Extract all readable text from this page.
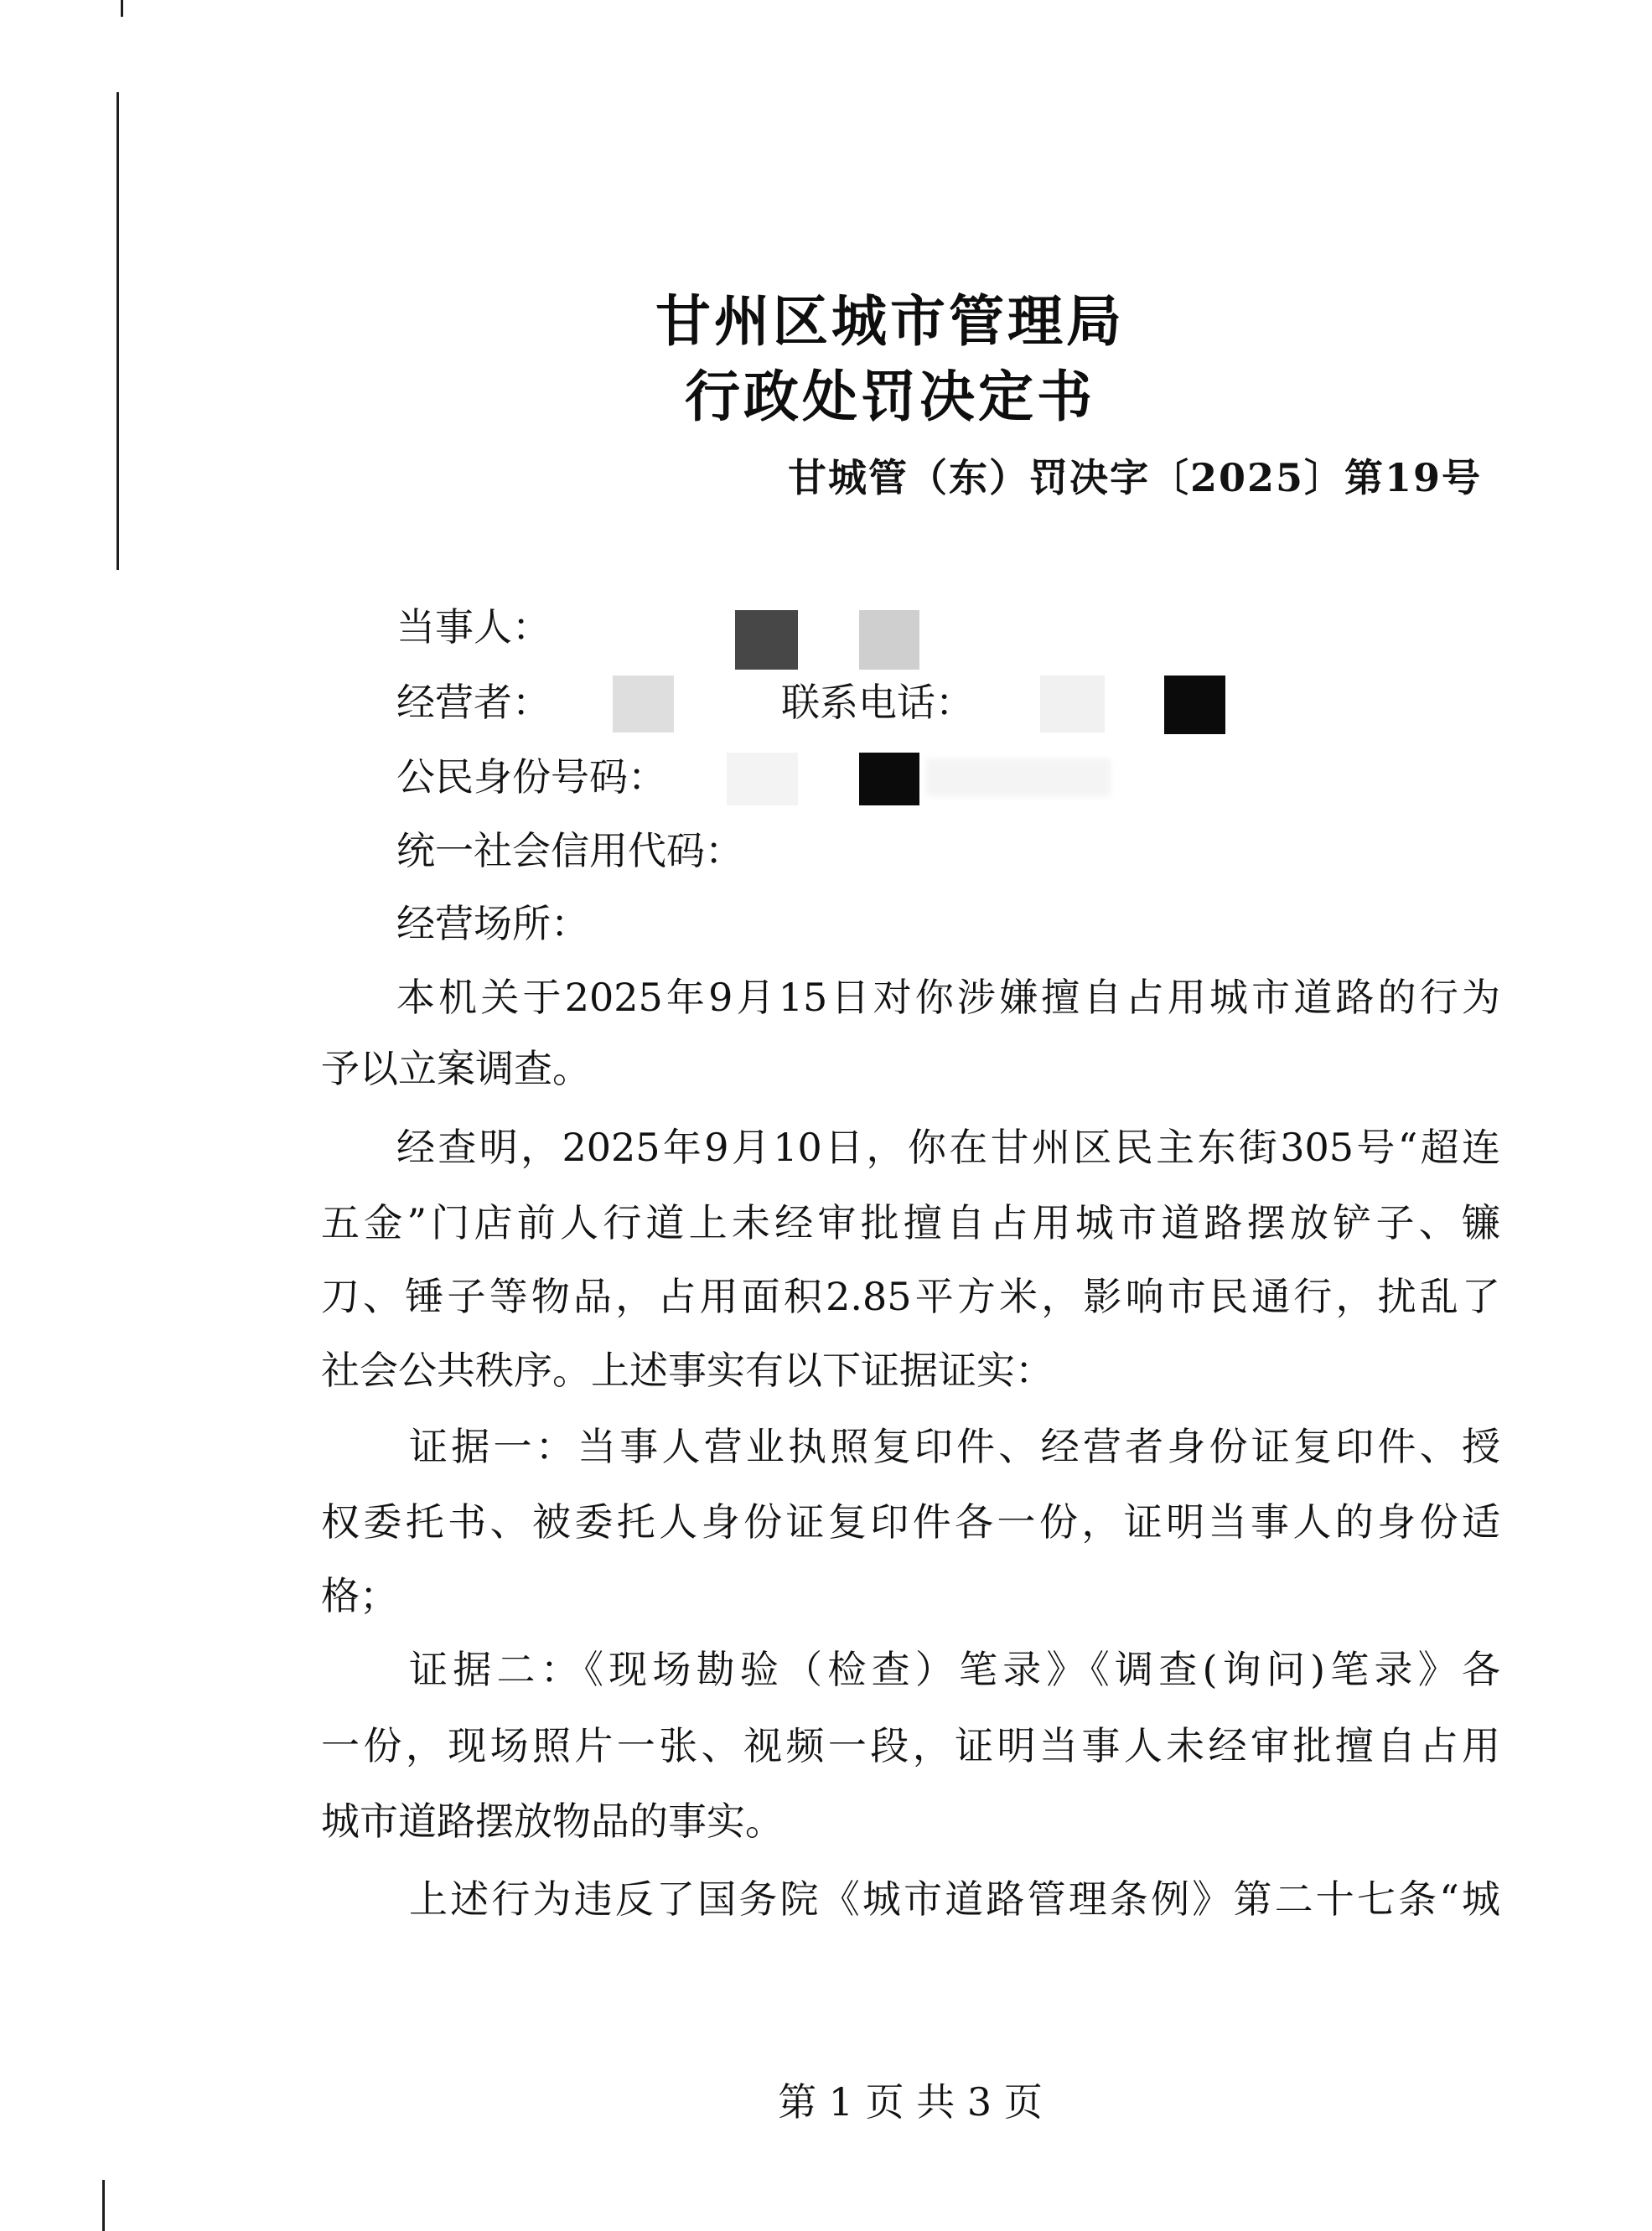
甘州区城市管理局
行政处罚决定书
甘城管（东）罚决字〔2025〕第19号
当事人：
经营者：	联系电话：
公民身份号码：
统一社会信用代码：
经营场所：
本机关于2025年9月15日对你涉嫌擅自占用城市道路的行为
予以立案调查。
经查明，2025年9月10日，你在甘州区民主东街305号“超连
五金”门店前人行道上未经审批擅自占用城市道路摆放铲子、镰
刀、锤子等物品，占用面积2.85平方米，影响市民通行，扰乱了
社会公共秩序。上述事实有以下证据证实：
证据一：当事人营业执照复印件、经营者身份证复印件、授
权委托书、被委托人身份证复印件各一份，证明当事人的身份适
格；
证据二：《现场勘验（检查）笔录》《调查(询问)笔录》各
一份，现场照片一张、视频一段，证明当事人未经审批擅自占用
城市道路摆放物品的事实。
上述行为违反了国务院《城市道路管理条例》第二十七条“城
第 1 页 共 3 页
